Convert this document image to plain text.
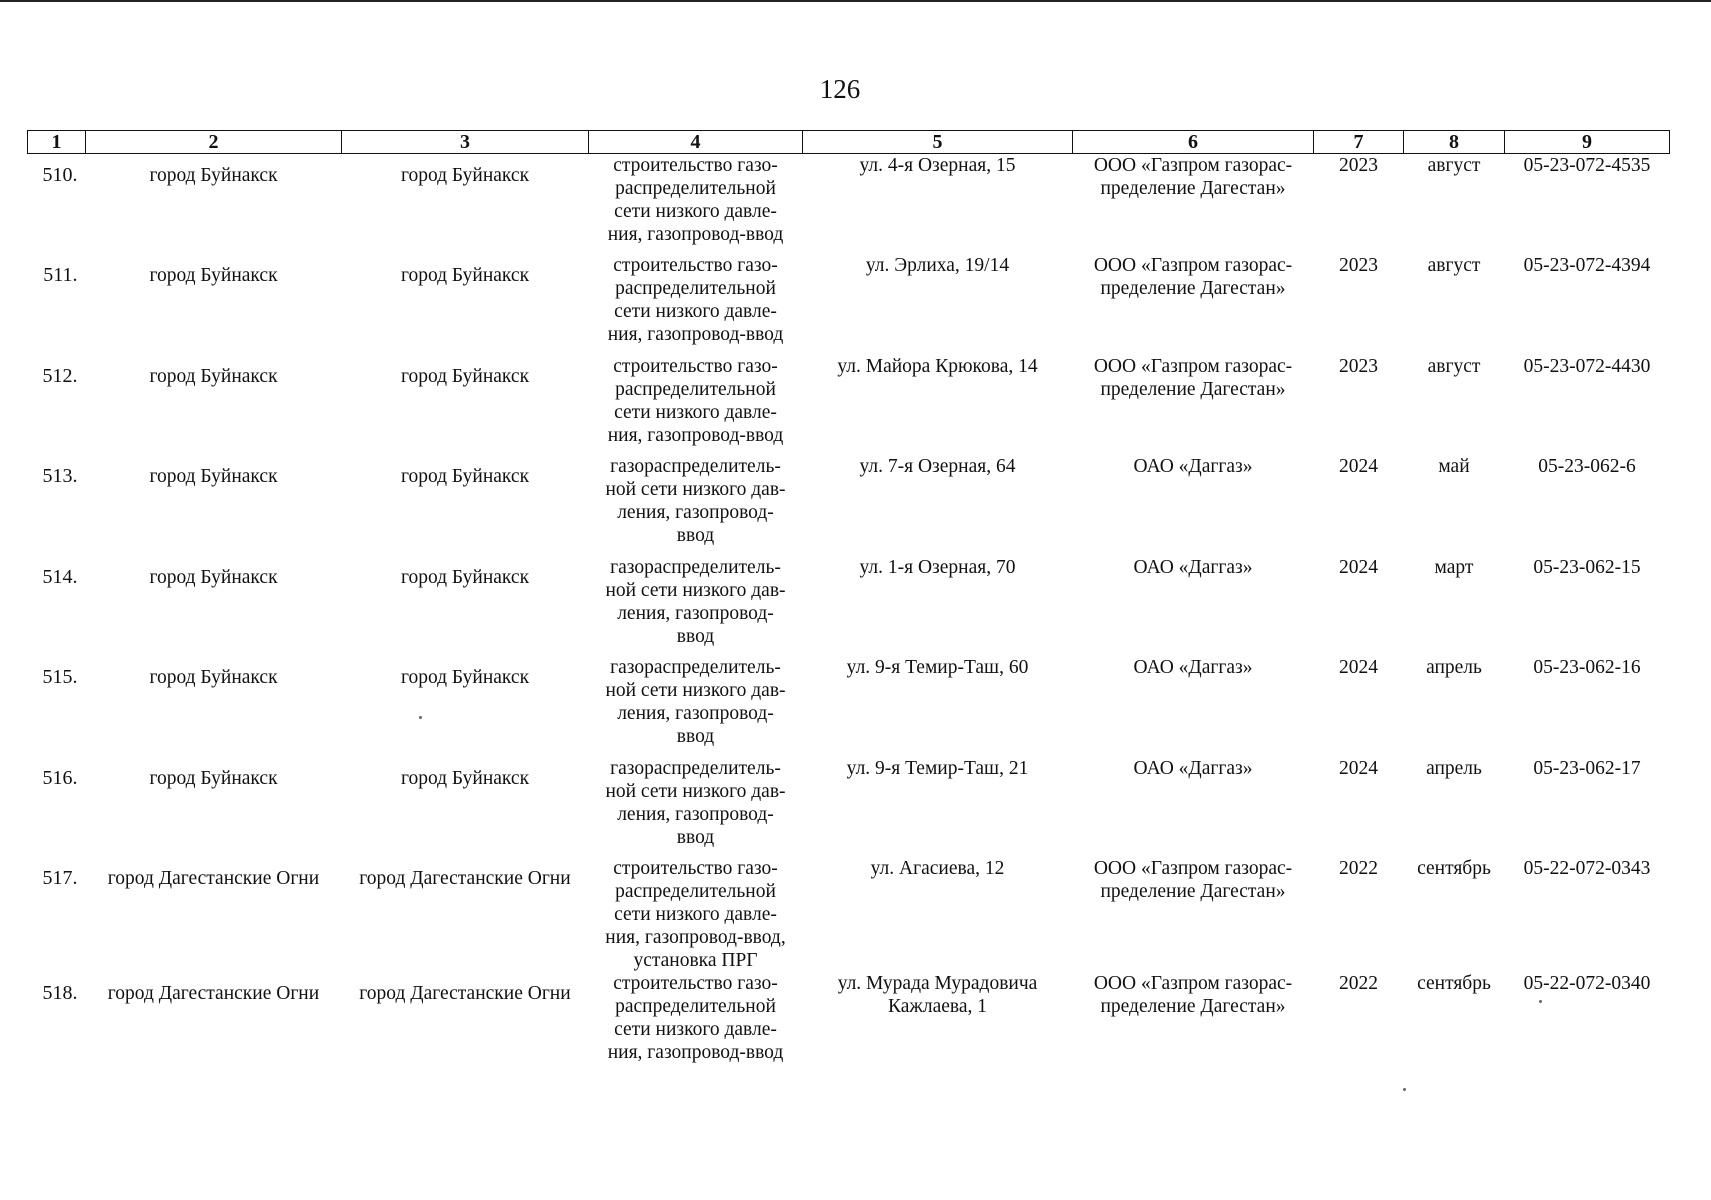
126
1	2	3	4	5	6	7	8	9
510.	город Буйнакск	город Буйнакск	строительство газо-
распределительной
сети низкого давле-
ния, газопровод-ввод	ул. 4-я Озерная, 15	ООО «Газпром газорас-
пределение Дагестан»	2023	август	05-23-072-4535
511.	город Буйнакск	город Буйнакск	строительство газо-
распределительной
сети низкого давле-
ния, газопровод-ввод	ул. Эрлиха, 19/14	ООО «Газпром газорас-
пределение Дагестан»	2023	август	05-23-072-4394
512.	город Буйнакск	город Буйнакск	строительство газо-
распределительной
сети низкого давле-
ния, газопровод-ввод	ул. Майора Крюкова, 14	ООО «Газпром газорас-
пределение Дагестан»	2023	август	05-23-072-4430
513.	город Буйнакск	город Буйнакск	газораспределитель-
ной сети низкого дав-
ления, газопровод-
ввод	ул. 7-я Озерная, 64	ОАО «Даггаз»	2024	май	05-23-062-6
514.	город Буйнакск	город Буйнакск	газораспределитель-
ной сети низкого дав-
ления, газопровод-
ввод	ул. 1-я Озерная, 70	ОАО «Даггаз»	2024	март	05-23-062-15
515.	город Буйнакск	город Буйнакск	газораспределитель-
ной сети низкого дав-
ления, газопровод-
ввод	ул. 9-я Темир-Таш, 60	ОАО «Даггаз»	2024	апрель	05-23-062-16
516.	город Буйнакск	город Буйнакск	газораспределитель-
ной сети низкого дав-
ления, газопровод-
ввод	ул. 9-я Темир-Таш, 21	ОАО «Даггаз»	2024	апрель	05-23-062-17
517.	город Дагестанские Огни	город Дагестанские Огни	строительство газо-
распределительной
сети низкого давле-
ния, газопровод-ввод,
установка ПРГ	ул. Агасиева, 12	ООО «Газпром газорас-
пределение Дагестан»	2022	сентябрь	05-22-072-0343
518.	город Дагестанские Огни	город Дагестанские Огни	строительство газо-
распределительной
сети низкого давле-
ния, газопровод-ввод	ул. Мурада Мурадовича
Кажлаева, 1	ООО «Газпром газорас-
пределение Дагестан»	2022	сентябрь	05-22-072-0340
